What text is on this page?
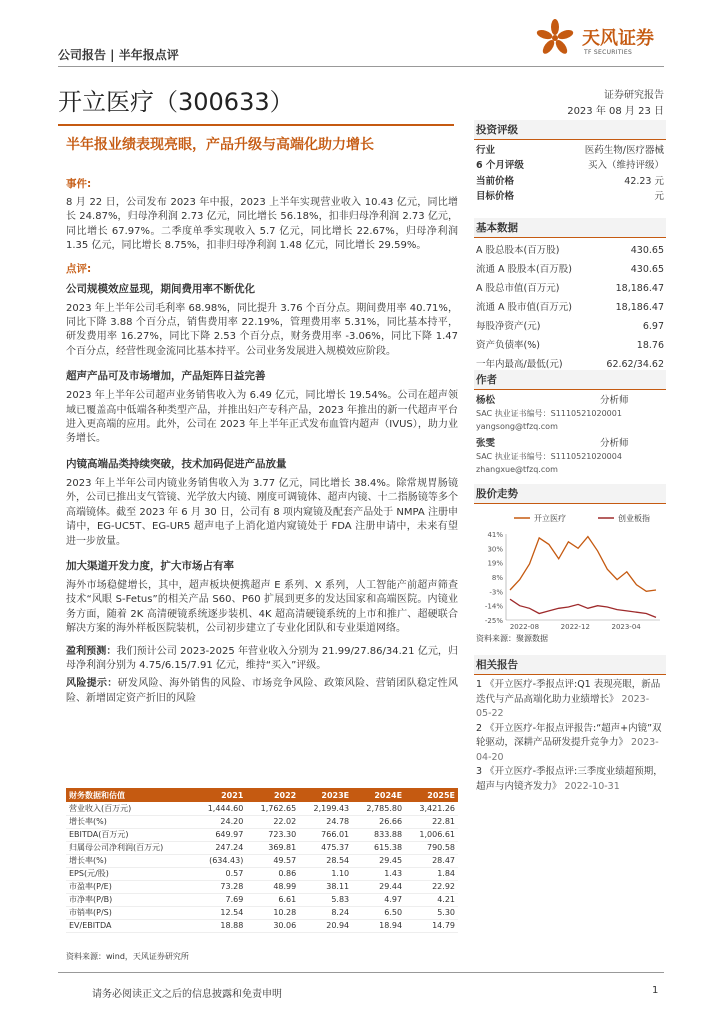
公司报告 | 半年报点评
天风证券
TF SECURITIES
开立医疗（300633）	证券研究报告
2023 年 08 月 23 日
半年报业绩表现亮眼，产品升级与高端化助力增长
事件:
8 月 22 日，公司发布 2023 年中报，2023 上半年实现营业收入 10.43 亿元，同比增长 24.87%，归母净利润 2.73 亿元，同比增长 56.18%，扣非归母净利润 2.73 亿元，同比增长 67.97%。二季度单季实现收入 5.7 亿元，同比增长 22.67%，归母净利润 1.35 亿元，同比增长 8.75%，扣非归母净利润 1.48 亿元，同比增长 29.59%。
点评:
公司规模效应显现，期间费用率不断优化
2023 年上半年公司毛利率 68.98%，同比提升 3.76 个百分点。期间费用率 40.71%，同比下降 3.88 个百分点，销售费用率 22.19%，管理费用率 5.31%，同比基本持平，研发费用率 16.27%，同比下降 2.53 个百分点，财务费用率 -3.06%，同比下降 1.47 个百分点，经营性现金流同比基本持平。公司业务发展进入规模效应阶段。
超声产品可及市场增加，产品矩阵日益完善
2023 年上半年公司超声业务销售收入为 6.49 亿元，同比增长 19.54%。公司在超声领域已覆盖高中低端各种类型产品，并推出妇产专科产品，2023 年推出的新一代超声平台进入更高端的应用。此外，公司在 2023 年上半年正式发布血管内超声（IVUS），助力业务增长。
内镜高端品类持续突破，技术加码促进产品放量
2023 年上半年公司内镜业务销售收入为 3.77 亿元，同比增长 38.4%。除常规胃肠镜外，公司已推出支气管镜、光学放大内镜、刚度可调镜体、超声内镜、十二指肠镜等多个高端镜体。截至 2023 年 6 月 30 日，公司有 8 项内窥镜及配套产品处于 NMPA 注册申请中，EG-UC5T、EG-UR5 超声电子上消化道内窥镜处于 FDA 注册申请中，未来有望进一步放量。
加大渠道开发力度，扩大市场占有率
海外市场稳健增长，其中，超声板块便携超声 E 系列、X 系列，人工智能产前超声筛查技术“风眼 S-Fetus”的相关产品 S60、P60 扩展到更多的发达国家和高端医院。内镜业务方面，随着 2K 高清硬镜系统逐步装机、4K 超高清硬镜系统的上市和推广、超硬联合解决方案的海外样板医院装机，公司初步建立了专业化团队和专业渠道网络。
盈利预测：我们预计公司 2023-2025 年营业收入分别为 21.99/27.86/34.21 亿元，归母净利润分别为 4.75/6.15/7.91 亿元，维持“买入”评级。
风险提示：研发风险、海外销售的风险、市场竞争风险、政策风险、营销团队稳定性风险、新增固定资产折旧的风险
财务数据和估值	2021	2022	2023E	2024E	2025E
营业收入(百万元)	1,444.60	1,762.65	2,199.43	2,785.80	3,421.26
增长率(%)	24.20	22.02	24.78	26.66	22.81
EBITDA(百万元)	649.97	723.30	766.01	833.88	1,006.61
归属母公司净利润(百万元)	247.24	369.81	475.37	615.38	790.58
增长率(%)	(634.43)	49.57	28.54	29.45	28.47
EPS(元/股)	0.57	0.86	1.10	1.43	1.84
市盈率(P/E)	73.28	48.99	38.11	29.44	22.92
市净率(P/B)	7.69	6.61	5.83	4.97	4.21
市销率(P/S)	12.54	10.28	8.24	6.50	5.30
EV/EBITDA	18.88	30.06	20.94	18.94	14.79
资料来源：wind，天风证券研究所
投资评级
行业	医药生物/医疗器械
6 个月评级	买入（维持评级）
当前价格	42.23 元
目标价格	元
基本数据
A 股总股本(百万股)	430.65
流通 A 股股本(百万股)	430.65
A 股总市值(百万元)	18,186.47
流通 A 股市值(百万元)	18,186.47
每股净资产(元)	6.97
资产负债率(%)	18.76
一年内最高/最低(元)	62.62/34.62
作者
杨松	分析师
SAC 执业证书编号：S1110521020001
yangsong@tfzq.com
张雯	分析师
SAC 执业证书编号：S1110521020004
zhangxue@tfzq.com
股价走势
开立医疗	创业板指
41%
30%
19%
8%
-3%
-14%
-25%
2022-08	2022-12	2023-04
资料来源：聚源数据
相关报告
1 《开立医疗-季报点评:Q1 表现亮眼，新品迭代与产品高端化助力业绩增长》 2023-05-22
2 《开立医疗-年报点评报告:“超声+内镜”双轮驱动，深耕产品研发提升竞争力》 2023-04-20
3 《开立医疗-季报点评:三季度业绩超预期，超声与内镜齐发力》 2022-10-31
请务必阅读正文之后的信息披露和免责申明	1
